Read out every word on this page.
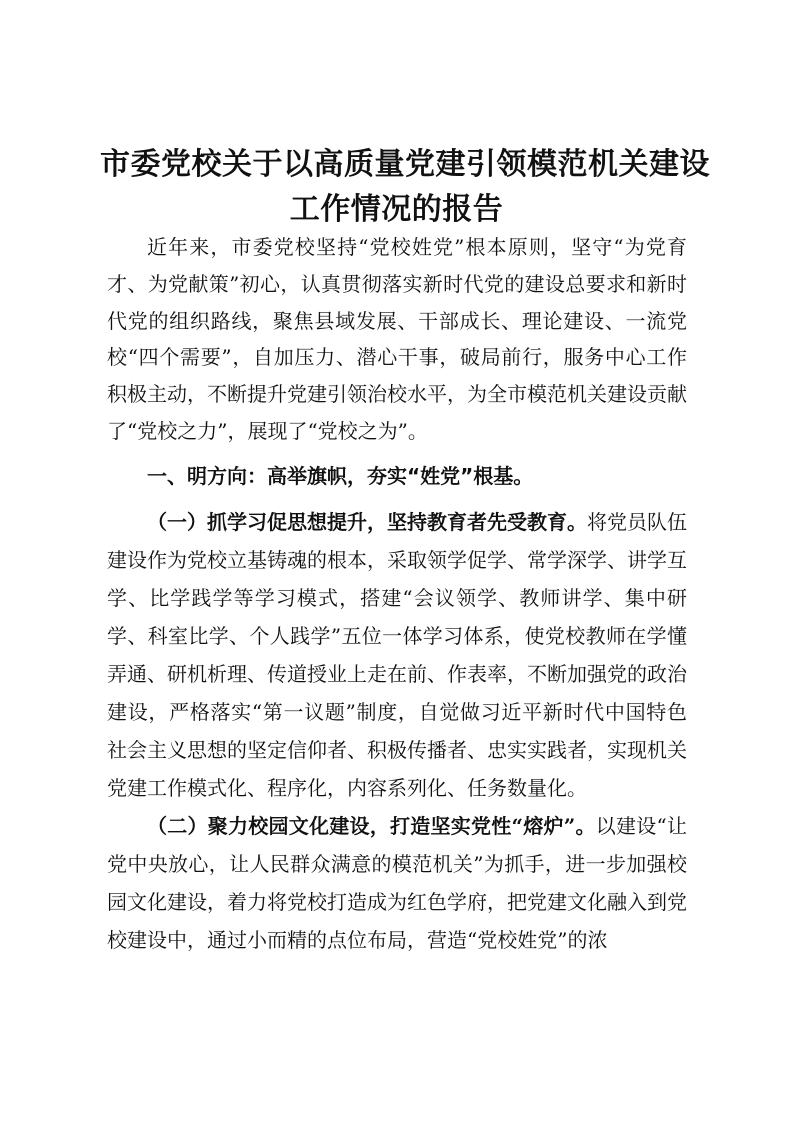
市委党校关于以高质量党建引领模范机关建设
工作情况的报告

近年来，市委党校坚持“党校姓党”根本原则，坚守“为党育才、为党献策”初心，认真贯彻落实新时代党的建设总要求和新时代党的组织路线，聚焦县域发展、干部成长、理论建设、一流党校“四个需要”，自加压力、潜心干事，破局前行，服务中心工作积极主动，不断提升党建引领治校水平，为全市模范机关建设贡献了“党校之力”，展现了“党校之为”。

一、明方向：高举旗帜，夯实“姓党”根基。

（一）抓学习促思想提升，坚持教育者先受教育。将党员队伍建设作为党校立基铸魂的根本，采取领学促学、常学深学、讲学互学、比学践学等学习模式，搭建“会议领学、教师讲学、集中研学、科室比学、个人践学”五位一体学习体系，使党校教师在学懂弄通、研机析理、传道授业上走在前、作表率，不断加强党的政治建设，严格落实“第一议题”制度，自觉做习近平新时代中国特色社会主义思想的坚定信仰者、积极传播者、忠实实践者，实现机关党建工作模式化、程序化，内容系列化、任务数量化。

（二）聚力校园文化建设，打造坚实党性“熔炉”。以建设“让党中央放心，让人民群众满意的模范机关”为抓手，进一步加强校园文化建设，着力将党校打造成为红色学府，把党建文化融入到党校建设中，通过小而精的点位布局，营造“党校姓党”的浓
